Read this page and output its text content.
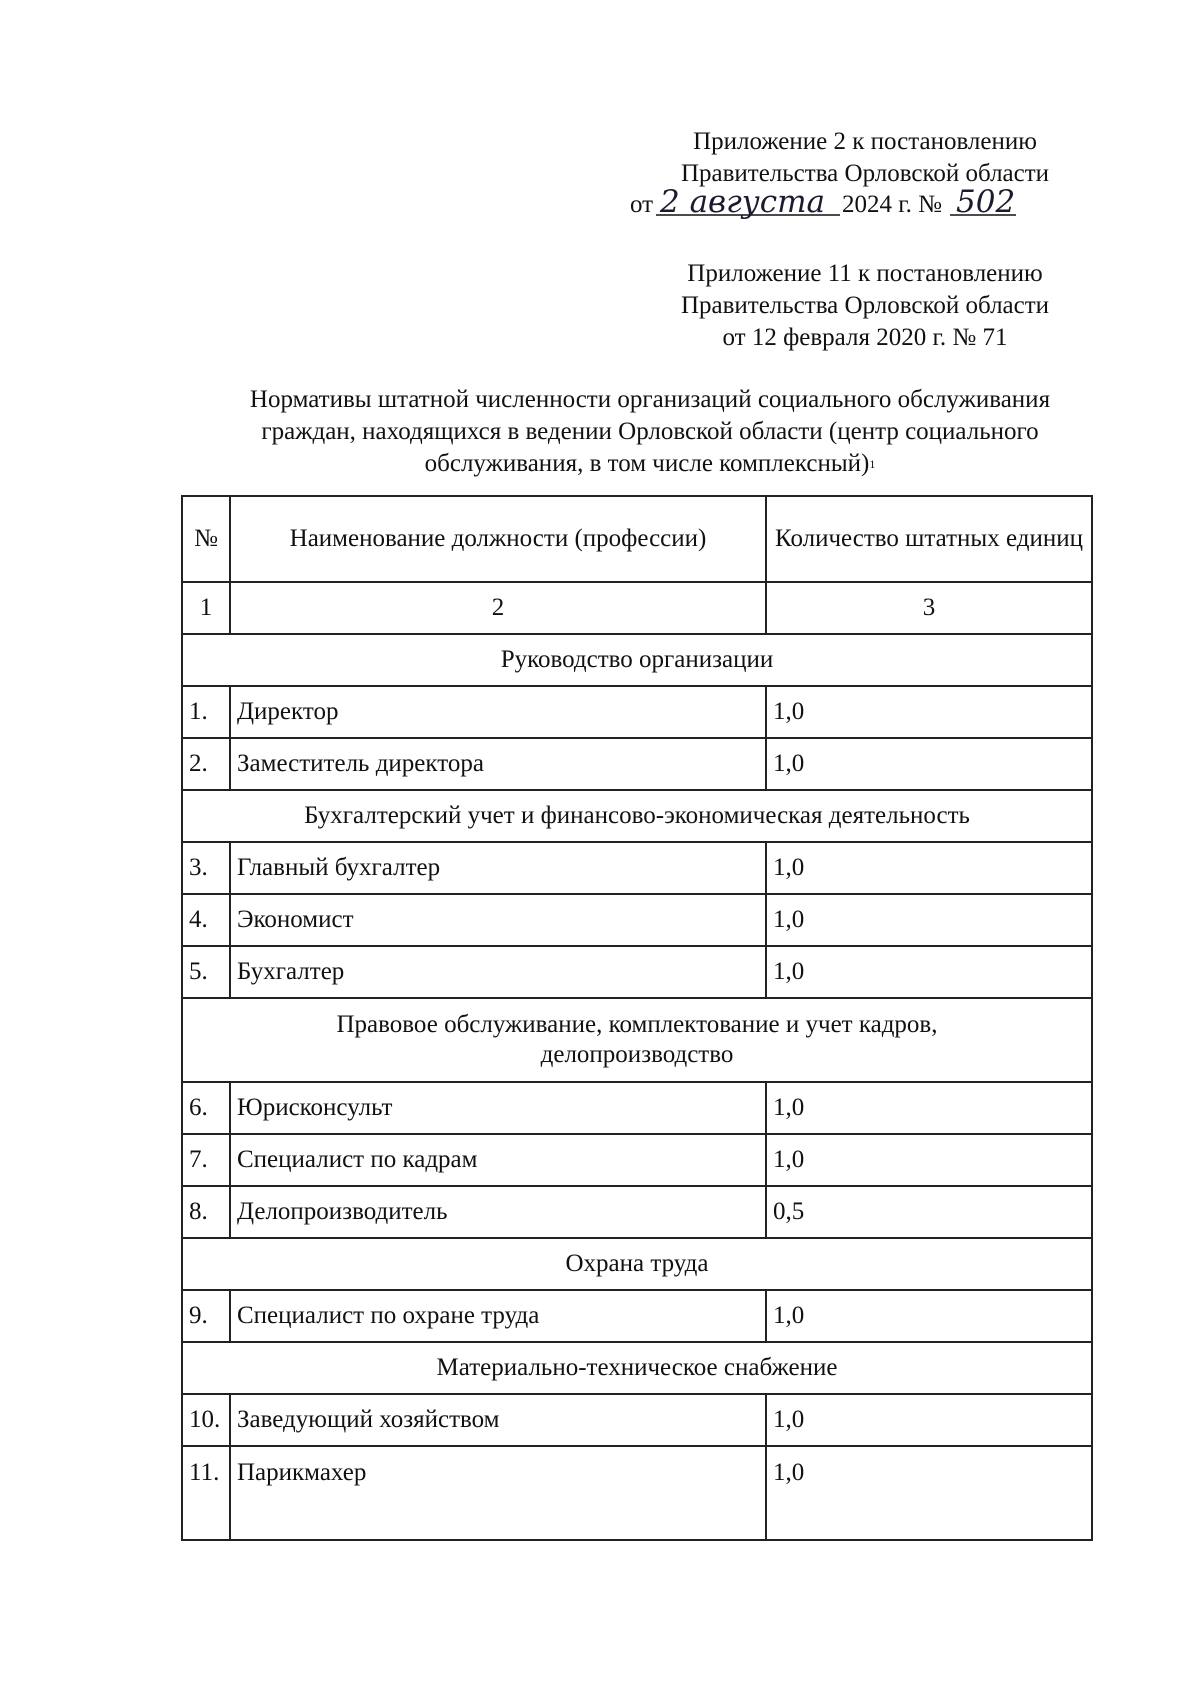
Приложение 2 к постановлению
Правительства Орловской области
от 2 августа 2024 г. № 502
Приложение 11 к постановлению
Правительства Орловской области
от 12 февраля 2020 г. № 71
Нормативы штатной численности организаций социального обслуживания
граждан, находящихся в ведении Орловской области (центр социального
обслуживания, в том числе комплексный)$^1$
№	Наименование должности (профессии)	Количество штатных единиц
1	2	3
Руководство организации		
1.	Директор	1,0
2.	Заместитель директора	1,0
Бухгалтерский учет и финансово-экономическая деятельность		
3.	Главный бухгалтер	1,0
4.	Экономист	1,0
5.	Бухгалтер	1,0
Правовое обслуживание, комплектование и учет кадров, делопроизводство		
6.	Юрисконсульт	1,0
7.	Специалист по кадрам	1,0
8.	Делопроизводитель	0,5
Охрана труда		
9.	Специалист по охране труда	1,0
Материально-техническое снабжение		
10.	Заведующий хозяйством	1,0
11.	Парикмахер	1,0
